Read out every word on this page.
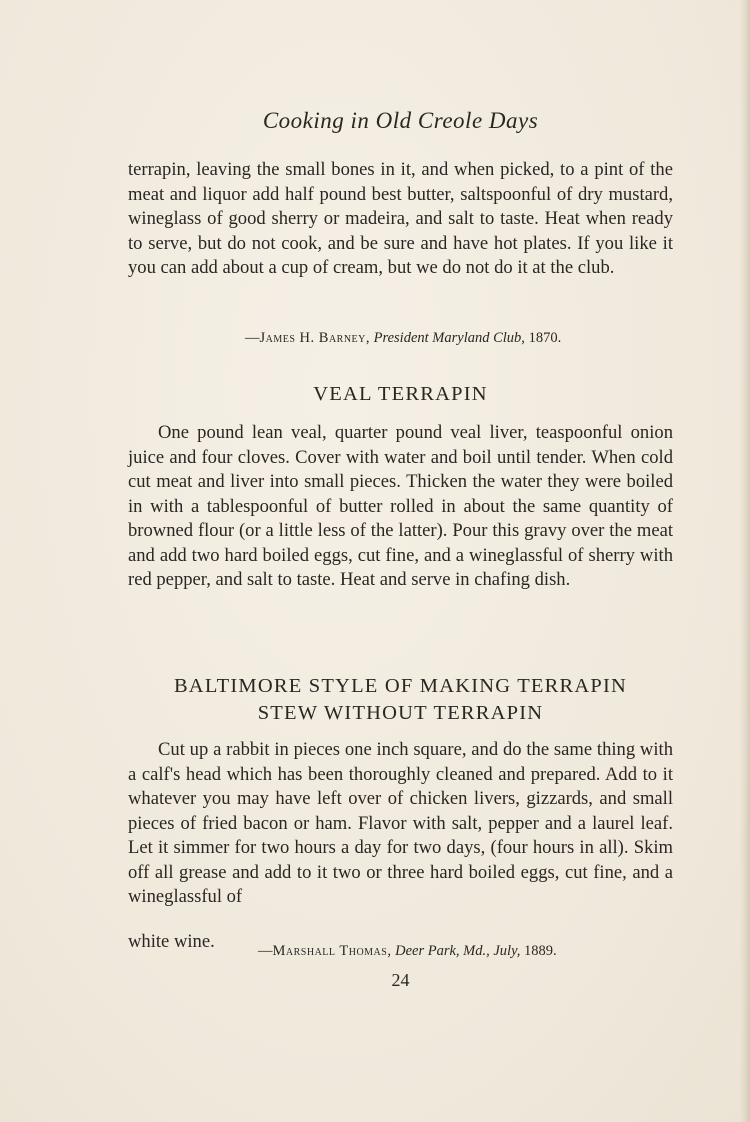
Cooking in Old Creole Days
terrapin, leaving the small bones in it, and when picked, to a pint of the meat and liquor add half pound best butter, saltspoonful of dry mustard, wineglass of good sherry or madeira, and salt to taste. Heat when ready to serve, but do not cook, and be sure and have hot plates. If you like it you can add about a cup of cream, but we do not do it at the club.
—James H. Barney, President Maryland Club, 1870.
VEAL TERRAPIN
One pound lean veal, quarter pound veal liver, teaspoonful onion juice and four cloves. Cover with water and boil until tender. When cold cut meat and liver into small pieces. Thicken the water they were boiled in with a tablespoonful of butter rolled in about the same quantity of browned flour (or a little less of the latter). Pour this gravy over the meat and add two hard boiled eggs, cut fine, and a wineglassful of sherry with red pepper, and salt to taste. Heat and serve in chafing dish.
BALTIMORE STYLE OF MAKING TERRAPIN
STEW WITHOUT TERRAPIN
Cut up a rabbit in pieces one inch square, and do the same thing with a calf's head which has been thoroughly cleaned and prepared. Add to it whatever you may have left over of chicken livers, gizzards, and small pieces of fried bacon or ham. Flavor with salt, pepper and a laurel leaf. Let it simmer for two hours a day for two days, (four hours in all). Skim off all grease and add to it two or three hard boiled eggs, cut fine, and a wineglassful of
white wine.	—Marshall Thomas, Deer Park, Md., July, 1889.
24
